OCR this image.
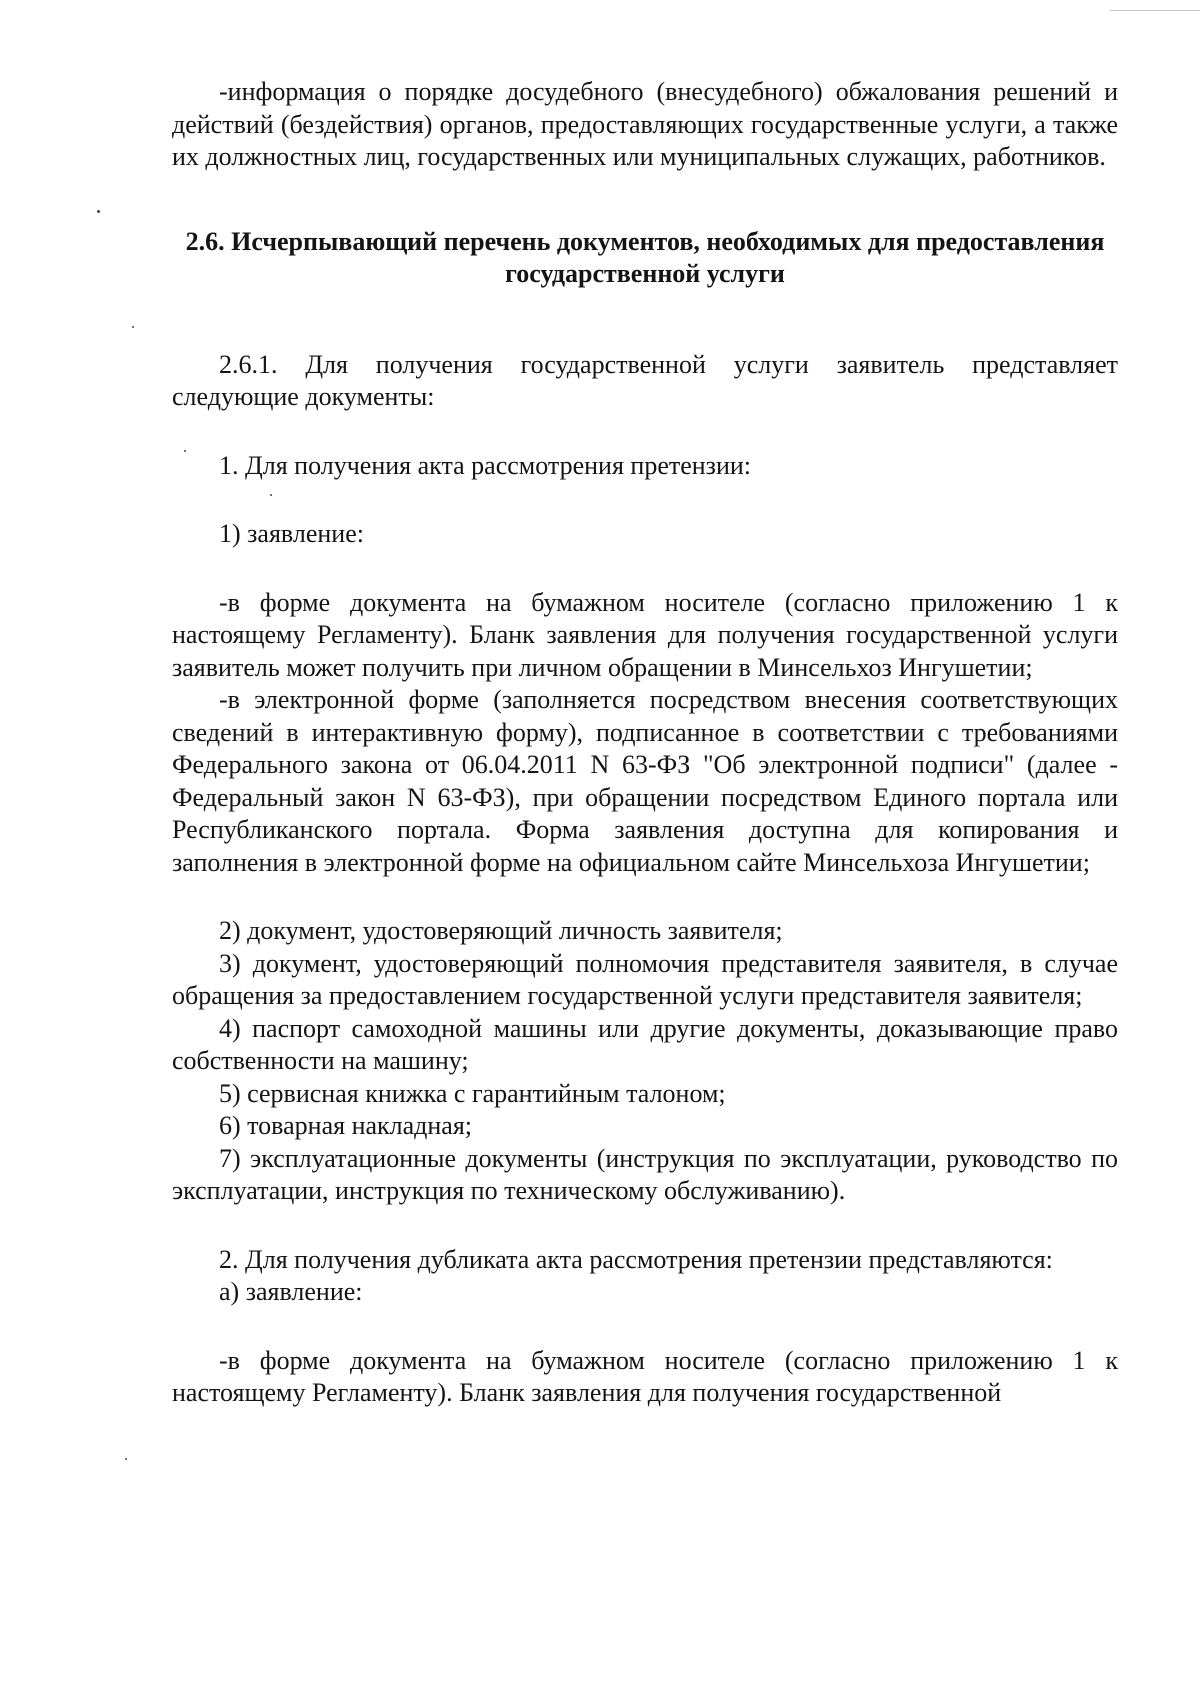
-информация о порядке досудебного (внесудебного) обжалования решений и действий (бездействия) органов, предоставляющих государственные услуги, а также их должностных лиц, государственных или муниципальных служащих, работников.

2.6. Исчерпывающий перечень документов, необходимых для предоставления государственной услуги

2.6.1. Для получения государственной услуги заявитель представляет следующие документы:

1. Для получения акта рассмотрения претензии:

1) заявление:

-в форме документа на бумажном носителе (согласно приложению 1 к настоящему Регламенту). Бланк заявления для получения государственной услуги заявитель может получить при личном обращении в Минсельхоз Ингушетии;

-в электронной форме (заполняется посредством внесения соответствующих сведений в интерактивную форму), подписанное в соответствии с требованиями Федерального закона от 06.04.2011 N 63-ФЗ "Об электронной подписи" (далее - Федеральный закон N 63-ФЗ), при обращении посредством Единого портала или Республиканского портала. Форма заявления доступна для копирования и заполнения в электронной форме на официальном сайте Минсельхоза Ингушетии;

2) документ, удостоверяющий личность заявителя;

3) документ, удостоверяющий полномочия представителя заявителя, в случае обращения за предоставлением государственной услуги представителя заявителя;

4) паспорт самоходной машины или другие документы, доказывающие право собственности на машину;

5) сервисная книжка с гарантийным талоном;

6) товарная накладная;

7) эксплуатационные документы (инструкция по эксплуатации, руководство по эксплуатации, инструкция по техническому обслуживанию).

2. Для получения дубликата акта рассмотрения претензии представляются:

а) заявление:

-в форме документа на бумажном носителе (согласно приложению 1 к настоящему Регламенту). Бланк заявления для получения государственной
